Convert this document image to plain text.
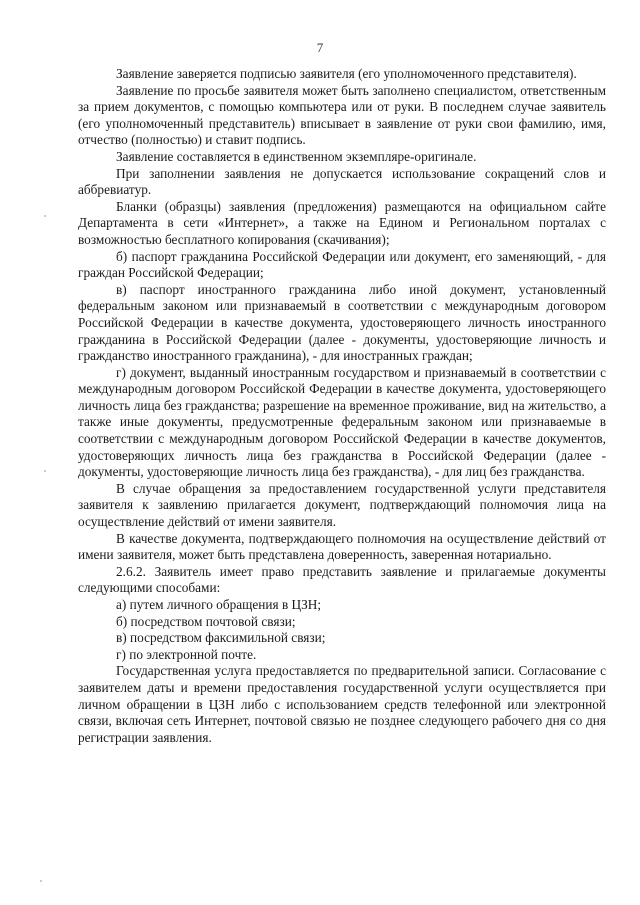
7

Заявление заверяется подписью заявителя (его уполномоченного представителя).

Заявление по просьбе заявителя может быть заполнено специалистом, ответственным за прием документов, с помощью компьютера или от руки. В последнем случае заявитель (его уполномоченный представитель) вписывает в заявление от руки свои фамилию, имя, отчество (полностью) и ставит подпись.

Заявление составляется в единственном экземпляре-оригинале.

При заполнении заявления не допускается использование сокращений слов и аббревиатур.

Бланки (образцы) заявления (предложения) размещаются на официальном сайте Департамента в сети «Интернет», а также на Едином и Региональном порталах с возможностью бесплатного копирования (скачивания);

б) паспорт гражданина Российской Федерации или документ, его заменяющий, - для граждан Российской Федерации;

в) паспорт иностранного гражданина либо иной документ, установленный федеральным законом или признаваемый в соответствии с международным договором Российской Федерации в качестве документа, удостоверяющего личность иностранного гражданина в Российской Федерации (далее - документы, удостоверяющие личность и гражданство иностранного гражданина), - для иностранных граждан;

г) документ, выданный иностранным государством и признаваемый в соответствии с международным договором Российской Федерации в качестве документа, удостоверяющего личность лица без гражданства; разрешение на временное проживание, вид на жительство, а также иные документы, предусмотренные федеральным законом или признаваемые в соответствии с международным договором Российской Федерации в качестве документов, удостоверяющих личность лица без гражданства в Российской Федерации (далее - документы, удостоверяющие личность лица без гражданства), - для лиц без гражданства.

В случае обращения за предоставлением государственной услуги представителя заявителя к заявлению прилагается документ, подтверждающий полномочия лица на осуществление действий от имени заявителя.

В качестве документа, подтверждающего полномочия на осуществление действий от имени заявителя, может быть представлена доверенность, заверенная нотариально.

2.6.2. Заявитель имеет право представить заявление и прилагаемые документы следующими способами:

а) путем личного обращения в ЦЗН;

б) посредством почтовой связи;

в) посредством факсимильной связи;

г) по электронной почте.

Государственная услуга предоставляется по предварительной записи. Согласование с заявителем даты и времени предоставления государственной услуги осуществляется при личном обращении в ЦЗН либо с использованием средств телефонной или электронной связи, включая сеть Интернет, почтовой связью не позднее следующего рабочего дня со дня регистрации заявления.
